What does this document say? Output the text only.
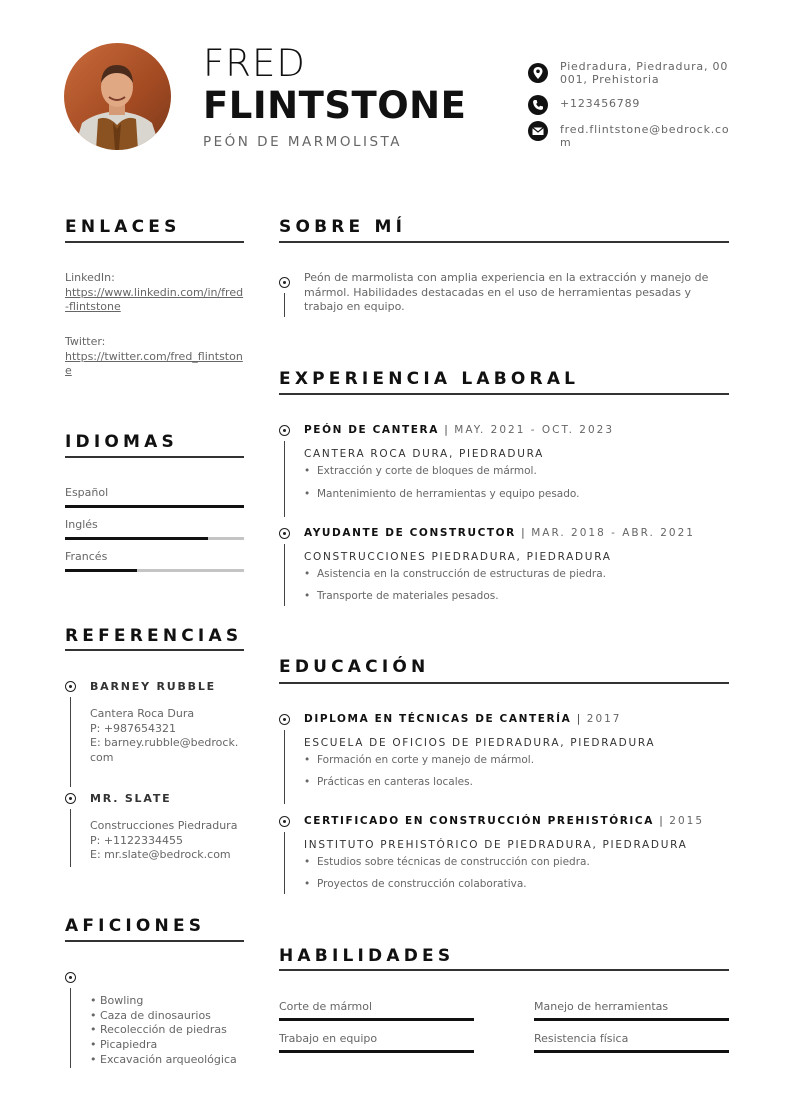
FRED
FLINTSTONE
PEÓN DE MARMOLISTA
Piedradura, Piedradura, 00001, Prehistoria
+123456789
fred.flintstone@bedrock.com
ENLACES
LinkedIn:
https://www.linkedin.com/in/fred-flintstone
Twitter:
https://twitter.com/fred_flintstone
IDIOMAS
Español
Inglés
Francés
REFERENCIAS
BARNEY RUBBLE
Cantera Roca Dura
P: +987654321
E: barney.rubble@bedrock.com
MR. SLATE
Construcciones Piedradura
P: +1122334455
E: mr.slate@bedrock.com
AFICIONES
• Bowling
• Caza de dinosaurios
• Recolección de piedras
• Picapiedra
• Excavación arqueológica
SOBRE MÍ
Peón de marmolista con amplia experiencia en la extracción y manejo de mármol. Habilidades destacadas en el uso de herramientas pesadas y trabajo en equipo.
EXPERIENCIA LABORAL
PEÓN DE CANTERA | MAY. 2021 - OCT. 2023
CANTERA ROCA DURA, PIEDRADURA
• Extracción y corte de bloques de mármol.
• Mantenimiento de herramientas y equipo pesado.
AYUDANTE DE CONSTRUCTOR | MAR. 2018 - ABR. 2021
CONSTRUCCIONES PIEDRADURA, PIEDRADURA
• Asistencia en la construcción de estructuras de piedra.
• Transporte de materiales pesados.
EDUCACIÓN
DIPLOMA EN TÉCNICAS DE CANTERÍA | 2017
ESCUELA DE OFICIOS DE PIEDRADURA, PIEDRADURA
• Formación en corte y manejo de mármol.
• Prácticas en canteras locales.
CERTIFICADO EN CONSTRUCCIÓN PREHISTÓRICA | 2015
INSTITUTO PREHISTÓRICO DE PIEDRADURA, PIEDRADURA
• Estudios sobre técnicas de construcción con piedra.
• Proyectos de construcción colaborativa.
HABILIDADES
Corte de mármol	Manejo de herramientas
Trabajo en equipo	Resistencia física
